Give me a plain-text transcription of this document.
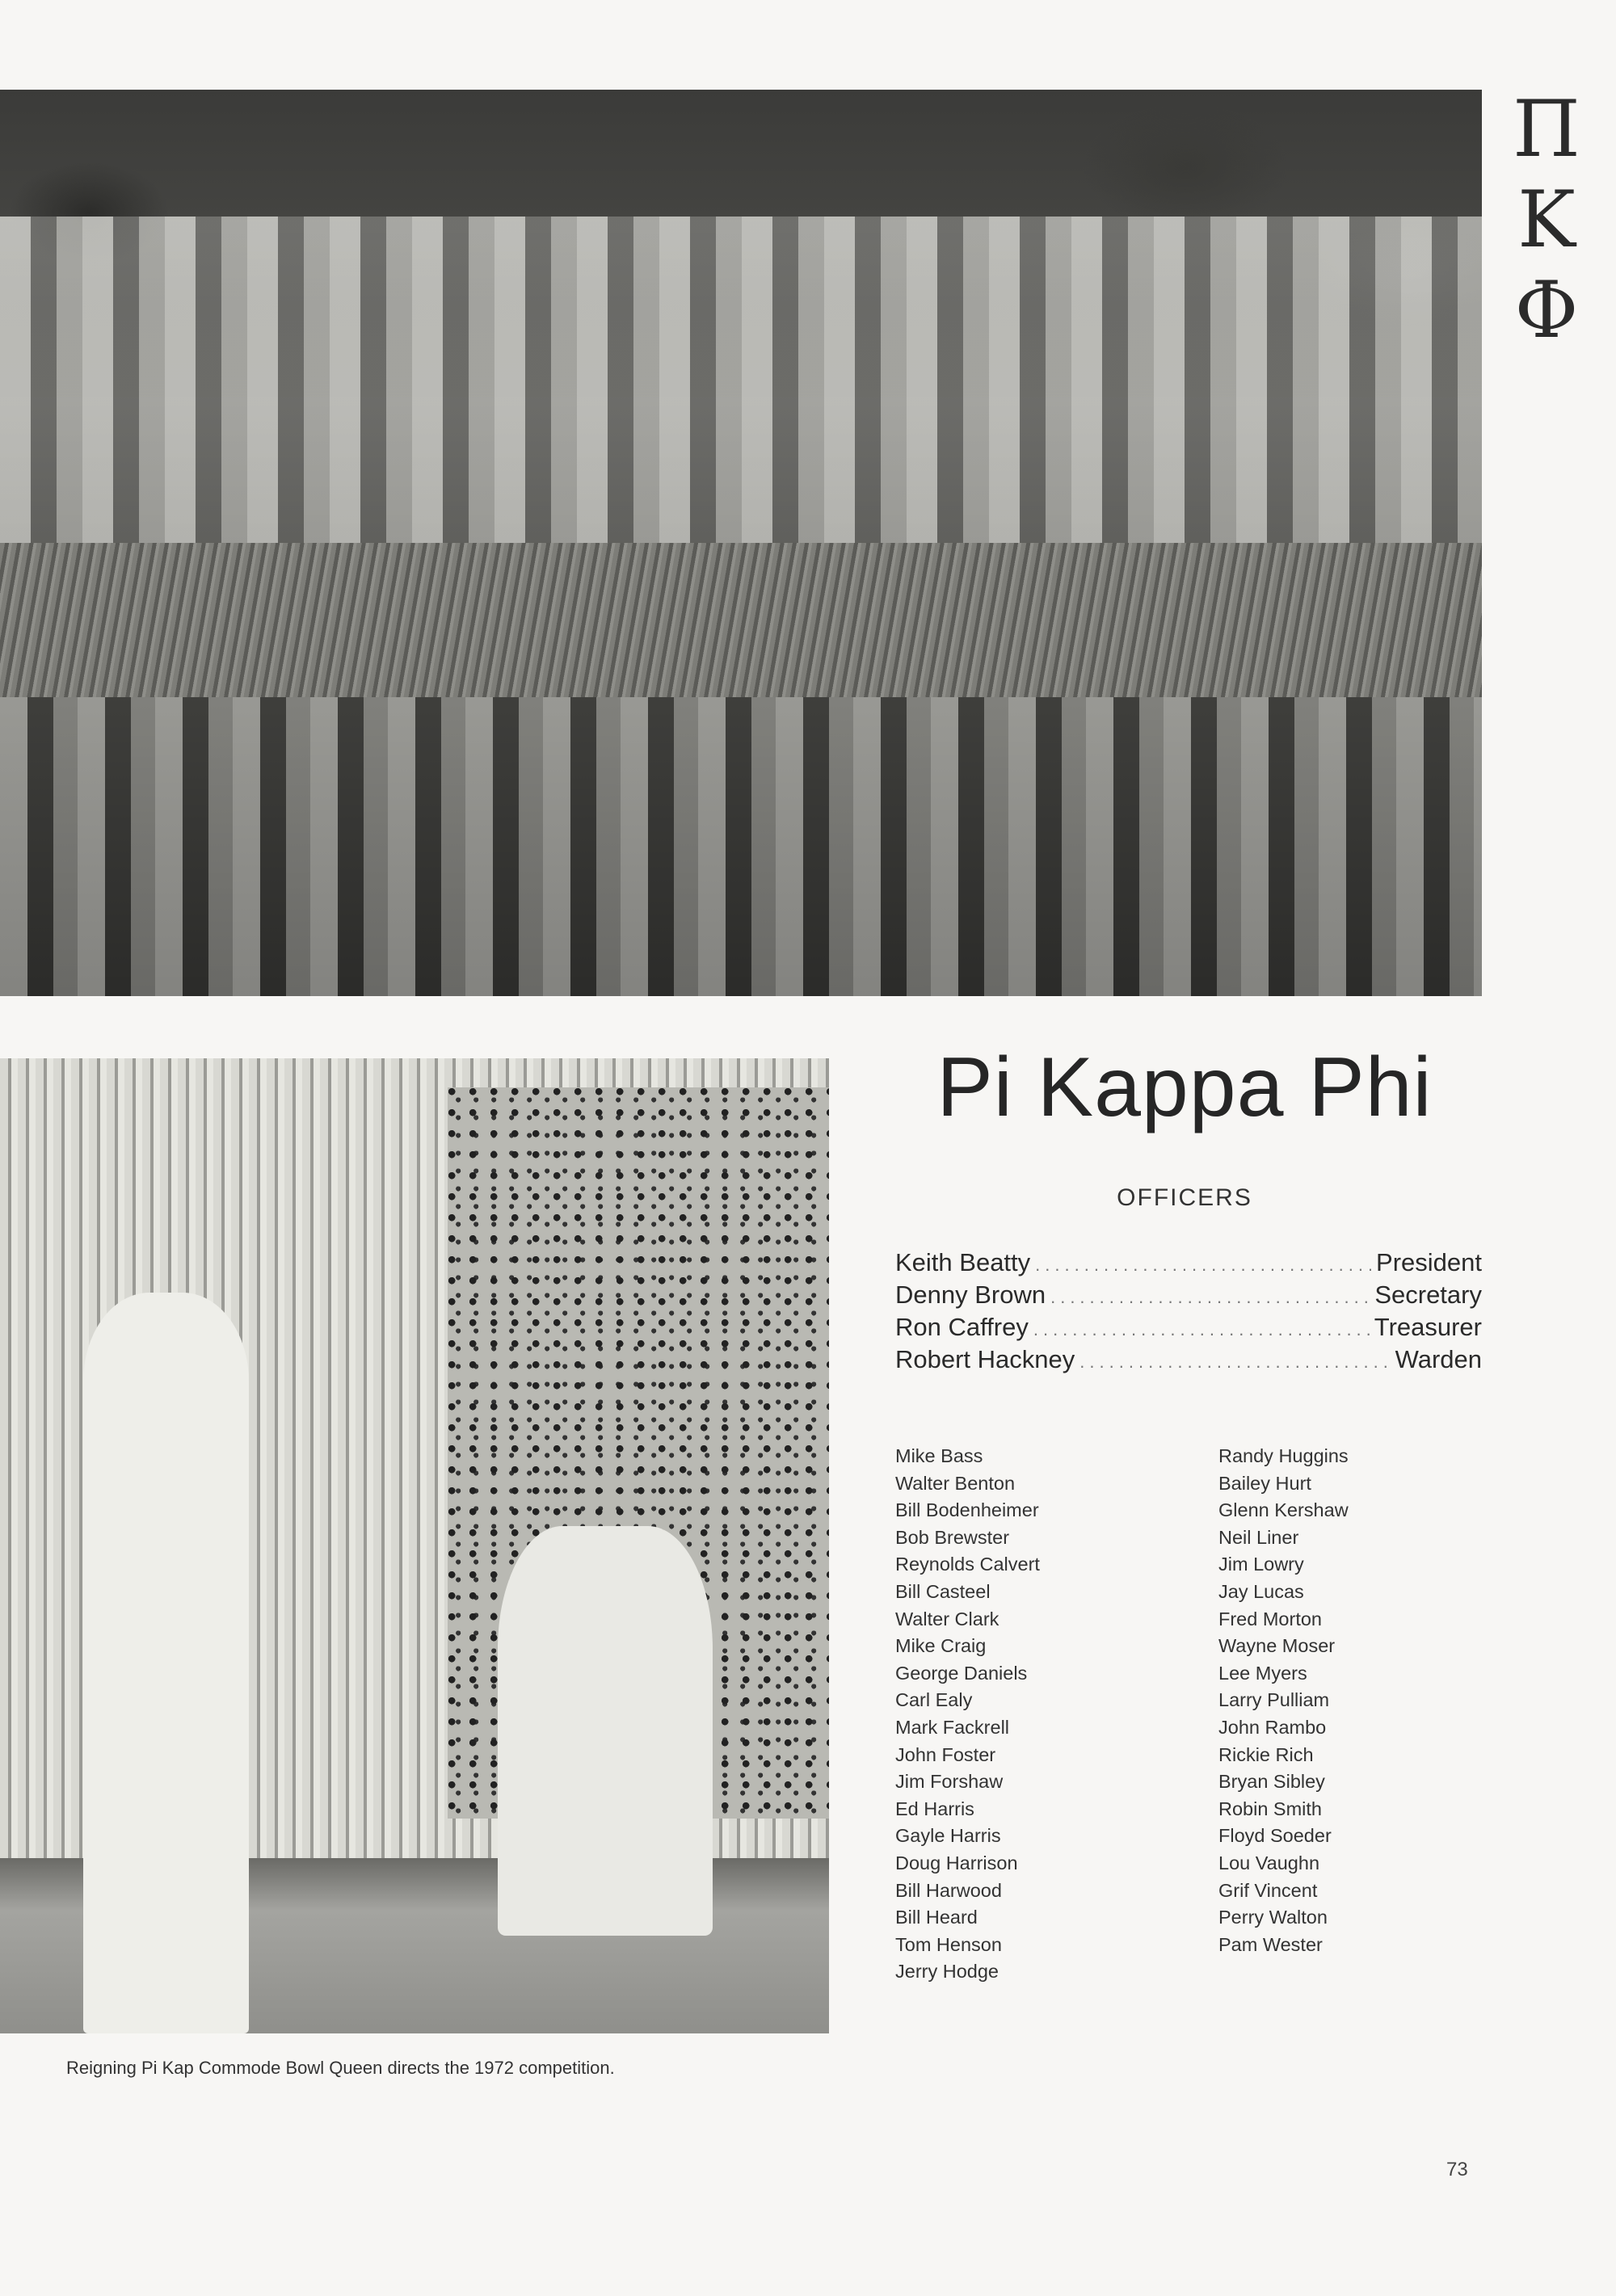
Π
Κ
Φ
Pi Kappa Phi
OFFICERS
Keith Beatty .....	President
Denny Brown .....	Secretary
Ron Caffrey .....	Treasurer
Robert Hackney .....	Warden
Mike Bass
Walter Benton
Bill Bodenheimer
Bob Brewster
Reynolds Calvert
Bill Casteel
Walter Clark
Mike Craig
George Daniels
Carl Ealy
Mark Fackrell
John Foster
Jim Forshaw
Ed Harris
Gayle Harris
Doug Harrison
Bill Harwood
Bill Heard
Tom Henson
Jerry Hodge
Randy Huggins
Bailey Hurt
Glenn Kershaw
Neil Liner
Jim Lowry
Jay Lucas
Fred Morton
Wayne Moser
Lee Myers
Larry Pulliam
John Rambo
Rickie Rich
Bryan Sibley
Robin Smith
Floyd Soeder
Lou Vaughn
Grif Vincent
Perry Walton
Pam Wester
Reigning Pi Kap Commode Bowl Queen directs the 1972 competition.
73
